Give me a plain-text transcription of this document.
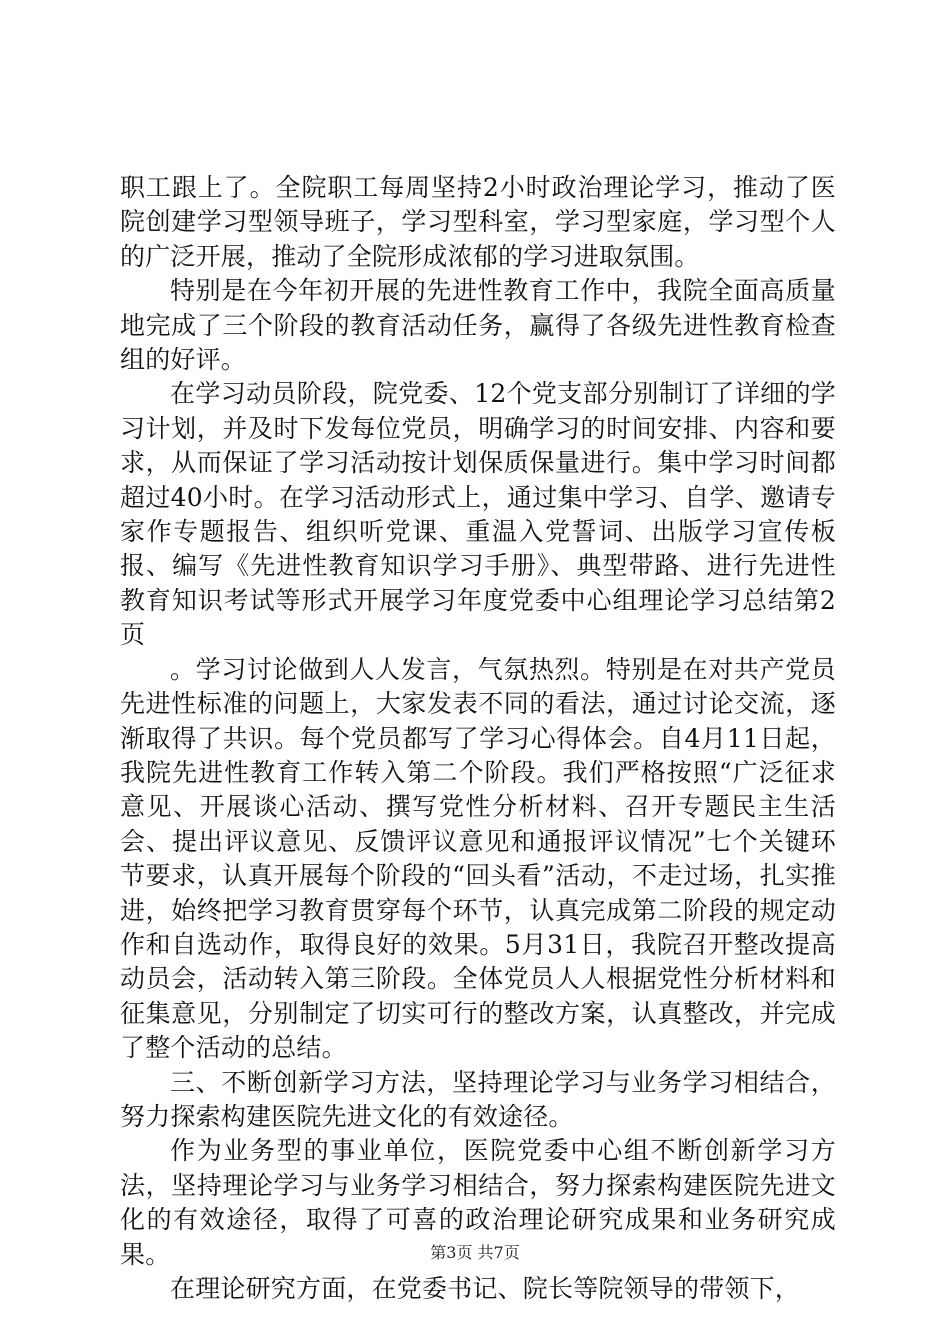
职工跟上了。全院职工每周坚持2小时政治理论学习，推动了医院创建学习型领导班子，学习型科室，学习型家庭，学习型个人的广泛开展，推动了全院形成浓郁的学习进取氛围。

特别是在今年初开展的先进性教育工作中，我院全面高质量地完成了三个阶段的教育活动任务，赢得了各级先进性教育检查组的好评。

在学习动员阶段，院党委、12个党支部分别制订了详细的学习计划，并及时下发每位党员，明确学习的时间安排、内容和要求，从而保证了学习活动按计划保质保量进行。集中学习时间都超过40小时。在学习活动形式上，通过集中学习、自学、邀请专家作专题报告、组织听党课、重温入党誓词、出版学习宣传板报、编写《先进性教育知识学习手册》、典型带路、进行先进性教育知识考试等形式开展学习年度党委中心组理论学习总结第2页

。学习讨论做到人人发言，气氛热烈。特别是在对共产党员先进性标准的问题上，大家发表不同的看法，通过讨论交流，逐渐取得了共识。每个党员都写了学习心得体会。自4月11日起，我院先进性教育工作转入第二个阶段。我们严格按照“广泛征求意见、开展谈心活动、撰写党性分析材料、召开专题民主生活会、提出评议意见、反馈评议意见和通报评议情况”七个关键环节要求，认真开展每个阶段的“回头看”活动，不走过场，扎实推进，始终把学习教育贯穿每个环节，认真完成第二阶段的规定动作和自选动作，取得良好的效果。5月31日，我院召开整改提高动员会，活动转入第三阶段。全体党员人人根据党性分析材料和征集意见，分别制定了切实可行的整改方案，认真整改，并完成了整个活动的总结。

三、不断创新学习方法，坚持理论学习与业务学习相结合，努力探索构建医院先进文化的有效途径。

作为业务型的事业单位，医院党委中心组不断创新学习方法，坚持理论学习与业务学习相结合，努力探索构建医院先进文化的有效途径，取得了可喜的政治理论研究成果和业务研究成果。

在理论研究方面，在党委书记、院长等院领导的带领下，

第3页 共7页
